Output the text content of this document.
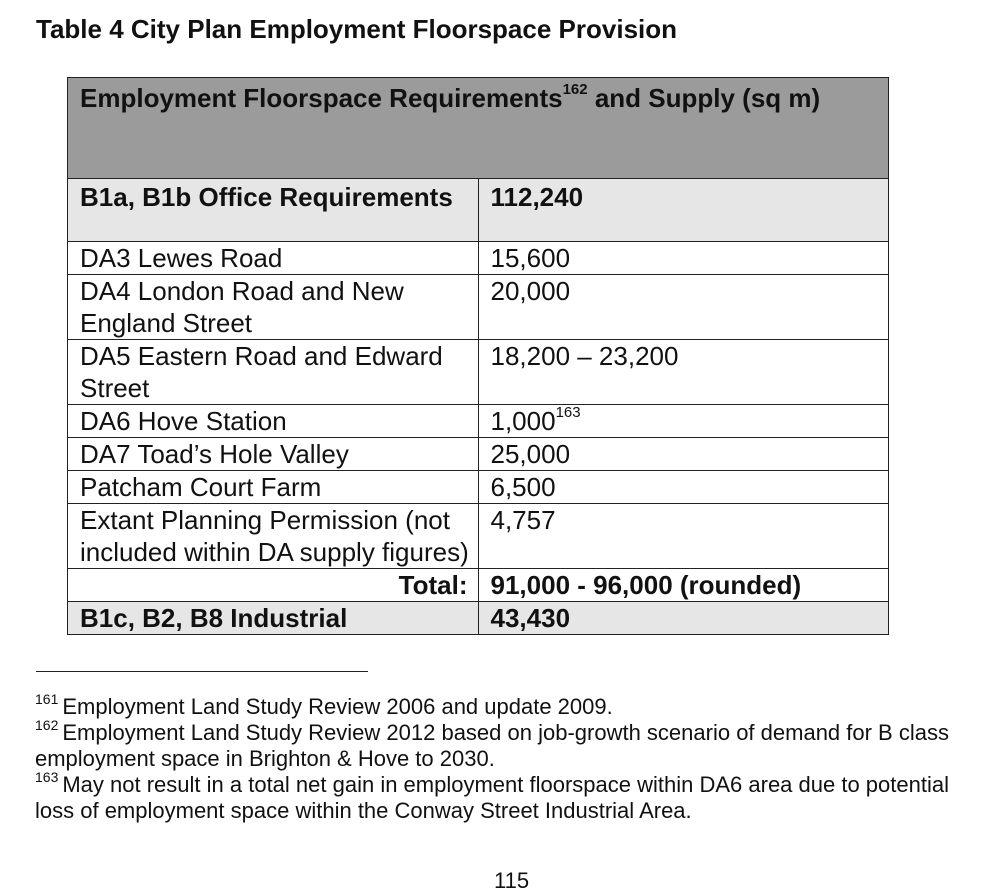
Table 4 City Plan Employment Floorspace Provision
Employment Floorspace Requirements$^{162}$ and Supply (sq m)	
B1a, B1b Office Requirements	112,240
DA3 Lewes Road	15,600
DA4 London Road and New England Street	20,000
DA5 Eastern Road and Edward Street	18,200 – 23,200
DA6 Hove Station	1,000$^{163}$
DA7 Toad’s Hole Valley	25,000
Patcham Court Farm	6,500
Extant Planning Permission (not included within DA supply figures)	4,757
Total:	91,000 - 96,000 (rounded)
B1c, B2, B8 Industrial	43,430

$^{161}$ Employment Land Study Review 2006 and update 2009.

$^{162}$ Employment Land Study Review 2012 based on job-growth scenario of demand for B class employment space in Brighton & Hove to 2030.

$^{163}$ May not result in a total net gain in employment floorspace within DA6 area due to potential loss of employment space within the Conway Street Industrial Area.

115
